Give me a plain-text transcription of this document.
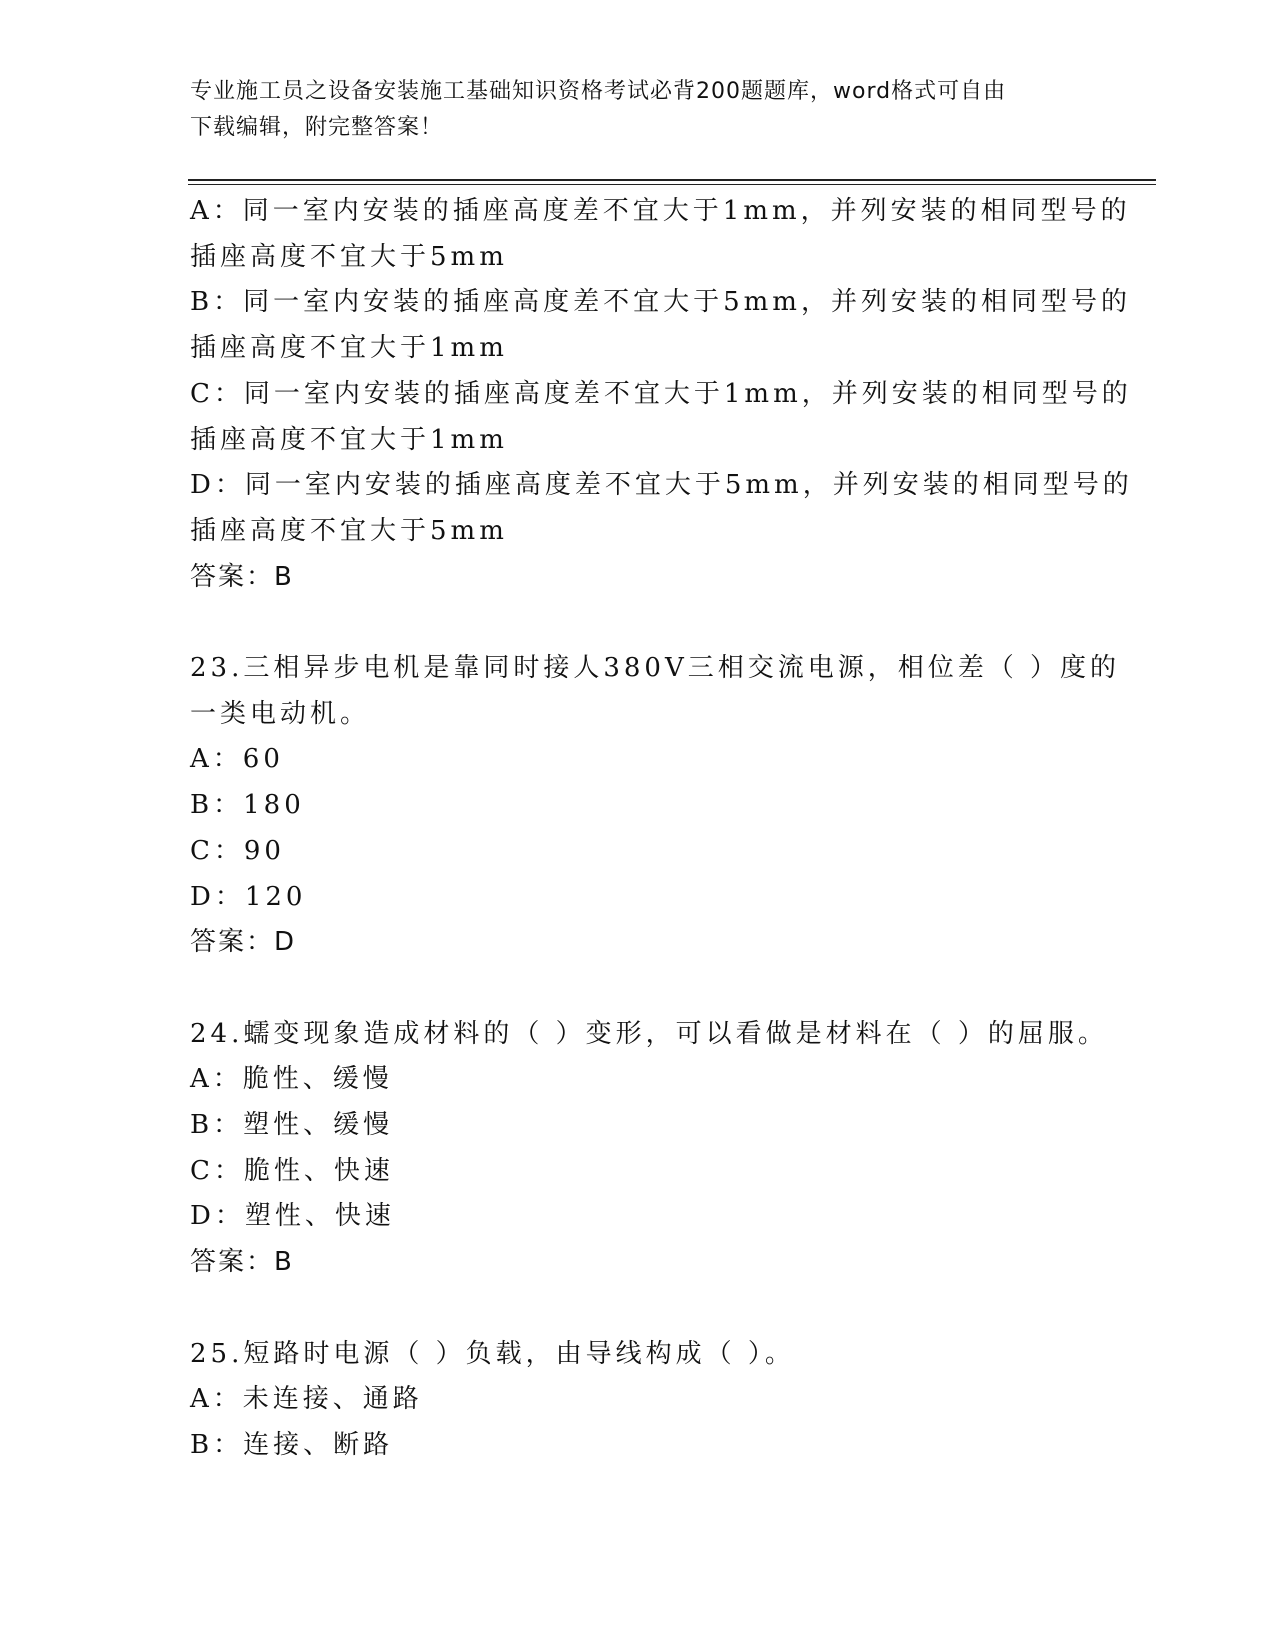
专业施工员之设备安装施工基础知识资格考试必背200题题库，word格式可自由
下载编辑，附完整答案！
A：同一室内安装的插座高度差不宜大于1mm，并列安装的相同型号的
插座高度不宜大于5mm
B：同一室内安装的插座高度差不宜大于5mm，并列安装的相同型号的
插座高度不宜大于1mm
C：同一室内安装的插座高度差不宜大于1mm，并列安装的相同型号的
插座高度不宜大于1mm
D：同一室内安装的插座高度差不宜大于5mm，并列安装的相同型号的
插座高度不宜大于5mm
答案：B
23.三相异步电机是靠同时接人380V三相交流电源，相位差（ ）度的
一类电动机。
A：60
B：180
C：90
D：120
答案：D
24.蠕变现象造成材料的（ ）变形，可以看做是材料在（ ）的屈服。
A：脆性、缓慢
B：塑性、缓慢
C：脆性、快速
D：塑性、快速
答案：B
25.短路时电源（ ）负载，由导线构成（ ）。
A：未连接、通路
B：连接、断路
